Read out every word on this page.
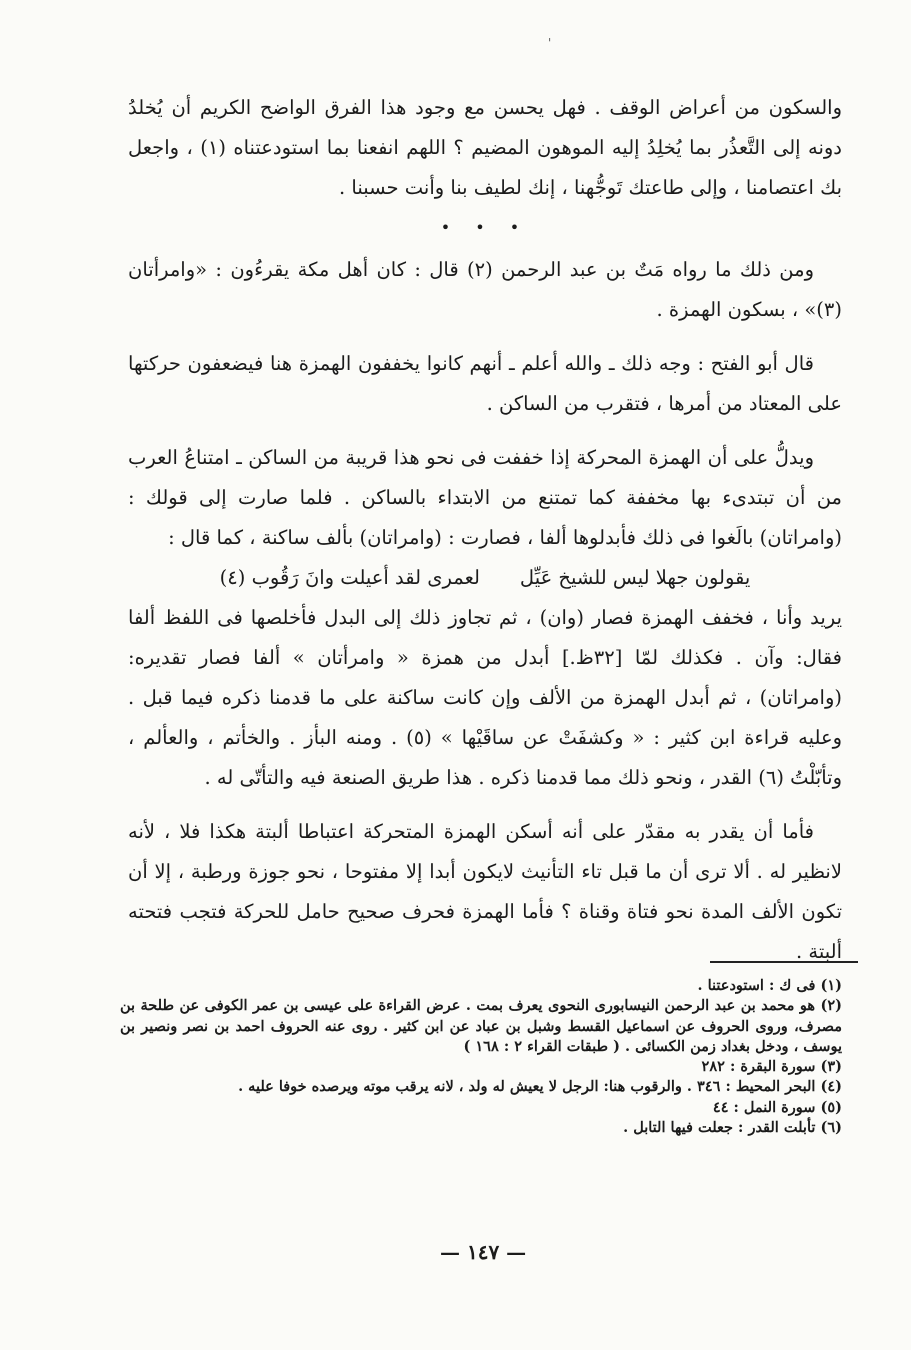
'

والسكون من أعراض الوقف . فهل يحسن مع وجود هذا الفرق الواضح الكريم أن يُخلدُ دونه إلى التَّعذُر بما يُخلِدُ إليه الموهون المضيم ؟ اللهم انفعنا بما استودعتناه (١) ، واجعل بك اعتصامنا ، وإلى طاعتك تَوجُّهنا ، إنك لطيف بنا وأنت حسبنا .

• • •

ومن ذلك ما رواه مَتٌ بن عبد الرحمن (٢) قال : كان أهل مكة يقرءُون : «وامرأتان (٣)» ، بسكون الهمزة .

قال أبو الفتح : وجه ذلك ـ والله أعلم ـ أنهم كانوا يخففون الهمزة هنا فيضعفون حركتها على المعتاد من أمرها ، فتقرب من الساكن .

ويدلُّ على أن الهمزة المحركة إذا خففت فى نحو هذا قريبة من الساكن ـ امتناعُ العرب من أن تبتدىء بها مخففة كما تمتنع من الابتداء بالساكن . فلما صارت إلى قولك : (وامراتان) بالَغوا فى ذلك فأبدلوها ألفا ، فصارت : (وامراتان) بألف ساكنة ، كما قال :

يقولون جهلا ليس للشيخ عَيِّل
لعمرى لقد أعيلت وانَ رَقُوب (٤)

يريد وأنا ، فخفف الهمزة فصار (وان) ، ثم تجاوز ذلك إلى البدل فأخلصها فى اللفظ ألفا فقال: وآن . فكذلك لمّا [٣٢ظ.] أبدل من همزة « وامرأتان » ألفا فصار تقديره: (وامراتان) ، ثم أبدل الهمزة من الألف وإن كانت ساكنة على ما قدمنا ذكره فيما قبل . وعليه قراءة ابن كثير : « وكشفَتْ عن ساقَيْها » (٥) . ومنه البأز . والخأتم ، والعألم ، وتأبّلْتُ (٦) القدر ، ونحو ذلك مما قدمنا ذكره . هذا طريق الصنعة فيه والتأتّى له .

فأما أن يقدر به مقدّر على أنه أسكن الهمزة المتحركة اعتباطا ألبتة هكذا فلا ، لأنه لانظير له . ألا ترى أن ما قبل تاء التأنيث لايكون أبدا إلا مفتوحا ، نحو جوزة ورطبة ، إلا أن تكون الألف المدة نحو فتاة وقناة ؟ فأما الهمزة فحرف صحيح حامل للحركة فتجب فتحته ألبتة .

(١) فى ك : استودعتنا .

(٢) هو محمد بن عبد الرحمن النيسابورى النحوى يعرف بمت . عرض القراءة على عيسى بن عمر الكوفى عن طلحة بن مصرف، وروى الحروف عن اسماعيل القسط وشبل بن عباد عن ابن كثير . روى عنه الحروف احمد بن نصر ونصير بن يوسف ، ودخل بغداد زمن الكسائى . ( طبقات القراء ٢ : ١٦٨ )

(٣) سورة البقرة : ٢٨٢

(٤) البحر المحيط : ٣٤٦ . والرقوب هنا: الرجل لا يعيش له ولد ، لانه يرقب موته ويرصده خوفا عليه .

(٥) سورة النمل : ٤٤

(٦) تأبلت القدر : جعلت فيها التابل .

— ١٤٧ —
